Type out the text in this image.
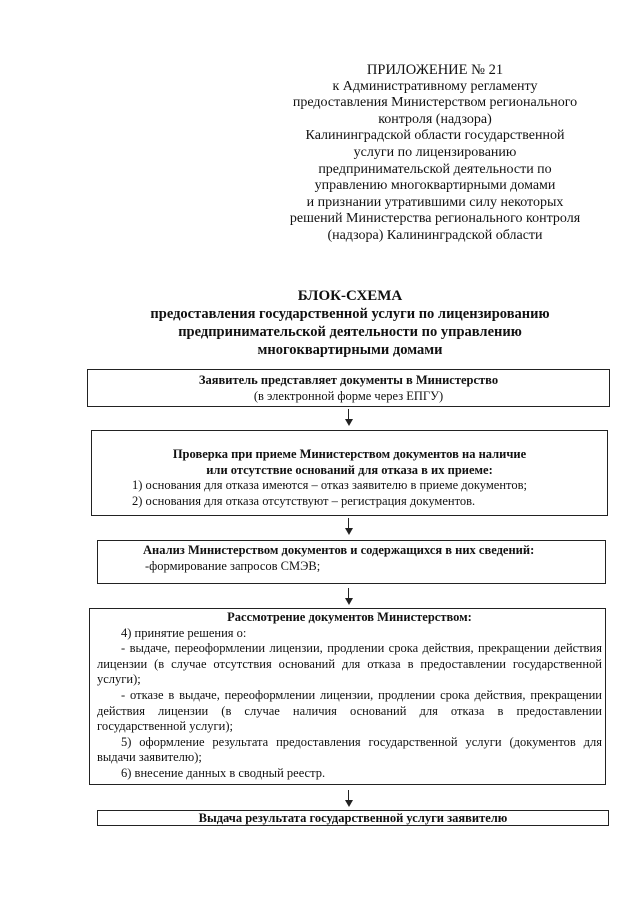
ПРИЛОЖЕНИЕ № 21
к Административному регламенту
предоставления Министерством регионального
контроля (надзора)
Калининградской области государственной
услуги по лицензированию
предпринимательской деятельности по
управлению многоквартирными домами
и признании утратившими силу некоторых
решений Министерства регионального контроля
(надзора) Калининградской области
БЛОК-СХЕМА
предоставления государственной услуги по лицензированию
предпринимательской деятельности по управлению
многоквартирными домами
Заявитель представляет документы в Министерство
(в электронной форме через ЕПГУ)
Проверка при приеме Министерством документов на наличие
или отсутствие оснований для отказа в их приеме:
1) основания для отказа имеются – отказ заявителю в приеме документов;
2) основания для отказа отсутствуют – регистрация документов.
Анализ Министерством документов и содержащихся в них сведений:
-формирование запросов СМЭВ;
Рассмотрение документов Министерством:

4) принятие решения о:

- выдаче, переоформлении лицензии, продлении срока действия, прекращении действия лицензии (в случае отсутствия оснований для отказа в предоставлении государственной услуги);

- отказе в выдаче, переоформлении лицензии, продлении срока действия, прекращении действия лицензии (в случае наличия оснований для отказа в предоставлении государственной услуги);

5) оформление результата предоставления государственной услуги (документов для выдачи заявителю);

6) внесение данных в сводный реестр.

Выдача результата государственной услуги заявителю
